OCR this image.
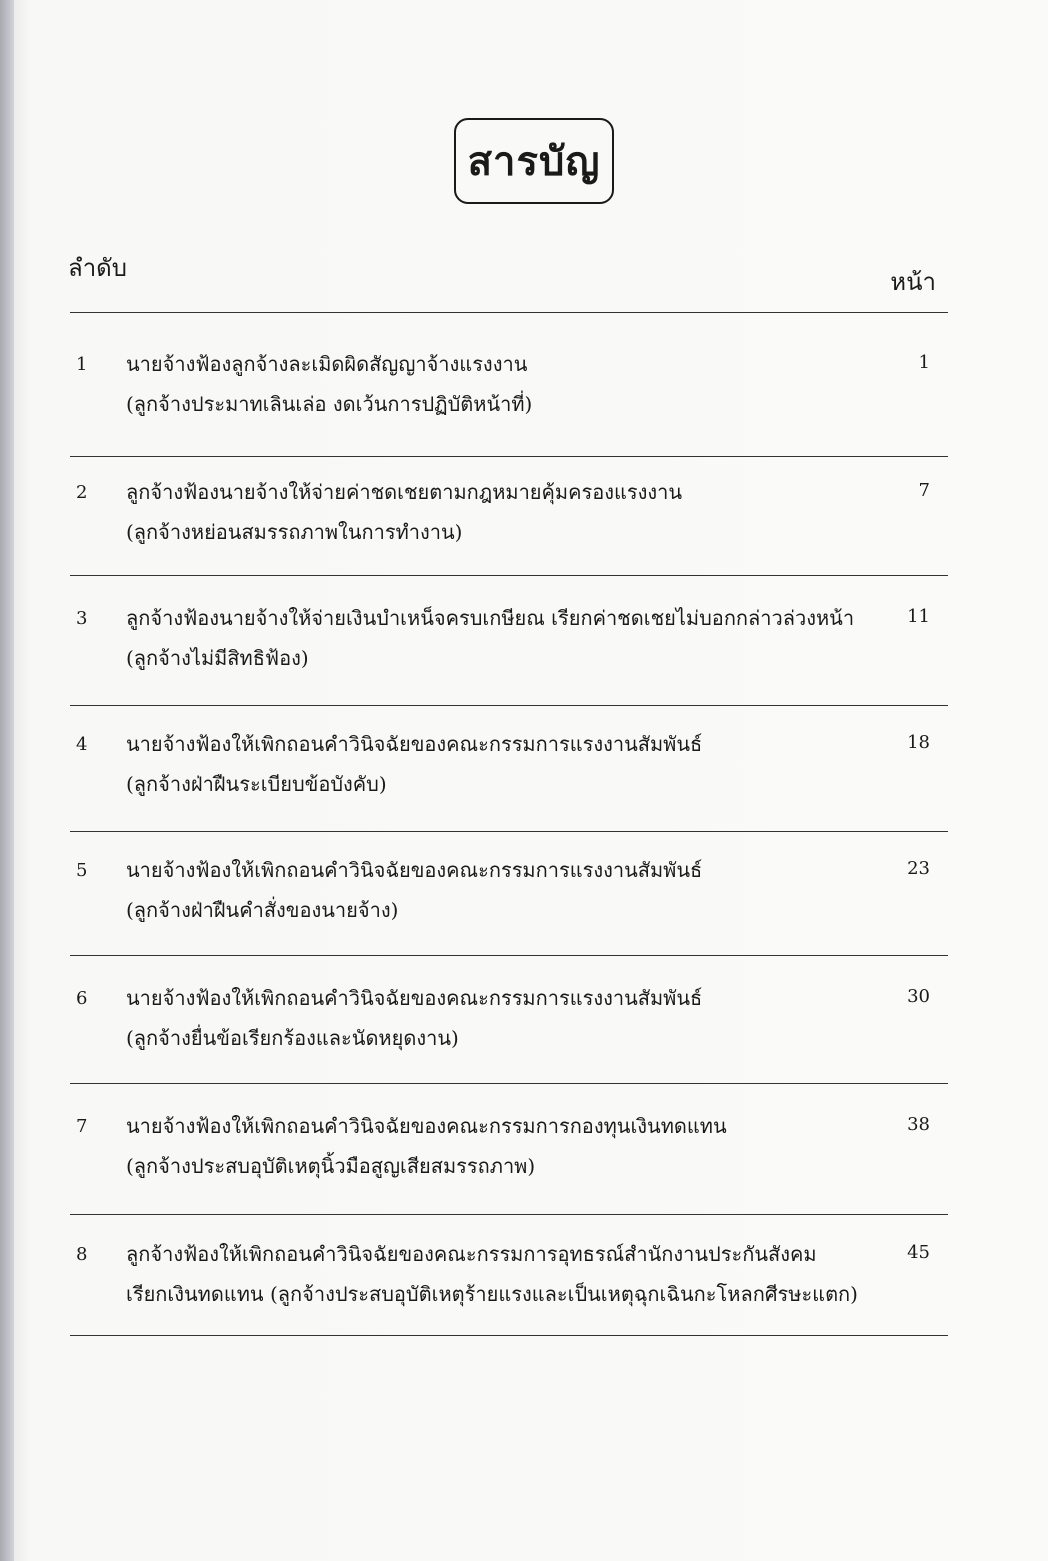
สารบัญ
ลำดับ	หน้า
1 นายจ้างฟ้องลูกจ้างละเมิดผิดสัญญาจ้างแรงงาน
(ลูกจ้างประมาทเลินเล่อ งดเว้นการปฏิบัติหน้าที่)
1
2 ลูกจ้างฟ้องนายจ้างให้จ่ายค่าชดเชยตามกฎหมายคุ้มครองแรงงาน
(ลูกจ้างหย่อนสมรรถภาพในการทำงาน)
7
3 ลูกจ้างฟ้องนายจ้างให้จ่ายเงินบำเหน็จครบเกษียณ เรียกค่าชดเชยไม่บอกกล่าวล่วงหน้า
(ลูกจ้างไม่มีสิทธิฟ้อง)
11
4 นายจ้างฟ้องให้เพิกถอนคำวินิจฉัยของคณะกรรมการแรงงานสัมพันธ์
(ลูกจ้างฝ่าฝืนระเบียบข้อบังคับ)
18
5 นายจ้างฟ้องให้เพิกถอนคำวินิจฉัยของคณะกรรมการแรงงานสัมพันธ์
(ลูกจ้างฝ่าฝืนคำสั่งของนายจ้าง)
23
6 นายจ้างฟ้องให้เพิกถอนคำวินิจฉัยของคณะกรรมการแรงงานสัมพันธ์
(ลูกจ้างยื่นข้อเรียกร้องและนัดหยุดงาน)
30
7 นายจ้างฟ้องให้เพิกถอนคำวินิจฉัยของคณะกรรมการกองทุนเงินทดแทน
(ลูกจ้างประสบอุบัติเหตุนิ้วมือสูญเสียสมรรถภาพ)
38
8 ลูกจ้างฟ้องให้เพิกถอนคำวินิจฉัยของคณะกรรมการอุทธรณ์สำนักงานประกันสังคม
เรียกเงินทดแทน (ลูกจ้างประสบอุบัติเหตุร้ายแรงและเป็นเหตุฉุกเฉินกะโหลกศีรษะแตก)
45
